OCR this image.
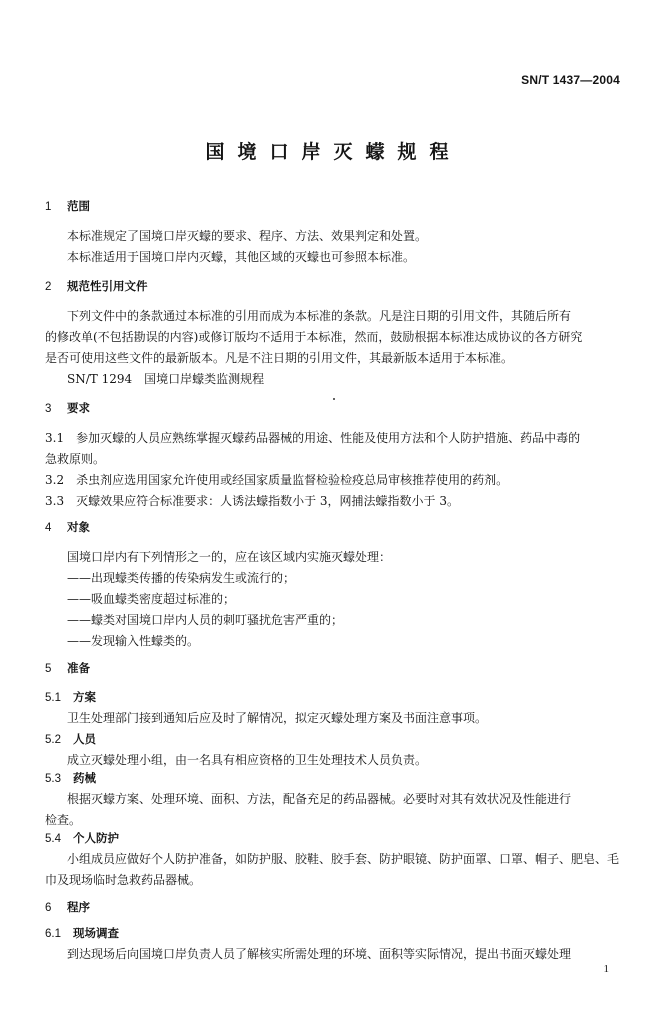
SN/T 1437—2004
国境口岸灭蠓规程
1 范围
本标准规定了国境口岸灭蠓的要求、程序、方法、效果判定和处置。
本标准适用于国境口岸内灭蠓，其他区域的灭蠓也可参照本标准。
2 规范性引用文件
下列文件中的条款通过本标准的引用而成为本标准的条款。凡是注日期的引用文件，其随后所有
的修改单(不包括勘误的内容)或修订版均不适用于本标准，然而，鼓励根据本标准达成协议的各方研究
是否可使用这些文件的最新版本。凡是不注日期的引用文件，其最新版本适用于本标准。
SN/T 1294　国境口岸蠓类监测规程
3 要求
3.1　参加灭蠓的人员应熟练掌握灭蠓药品器械的用途、性能及使用方法和个人防护措施、药品中毒的
急救原则。
3.2　杀虫剂应选用国家允许使用或经国家质量监督检验检疫总局审核推荐使用的药剂。
3.3　灭蠓效果应符合标准要求：人诱法蠓指数小于 3，网捕法蠓指数小于 3。
4 对象
国境口岸内有下列情形之一的，应在该区域内实施灭蠓处理：
——出现蠓类传播的传染病发生或流行的；
——吸血蠓类密度超过标准的；
——蠓类对国境口岸内人员的刺叮骚扰危害严重的；
——发现输入性蠓类的。
5 准备
5.1 方案
卫生处理部门接到通知后应及时了解情况，拟定灭蠓处理方案及书面注意事项。
5.2 人员
成立灭蠓处理小组，由一名具有相应资格的卫生处理技术人员负责。
5.3 药械
根据灭蠓方案、处理环境、面积、方法，配备充足的药品器械。必要时对其有效状况及性能进行
检查。
5.4 个人防护
小组成员应做好个人防护准备，如防护服、胶鞋、胶手套、防护眼镜、防护面罩、口罩、帽子、肥皂、毛
巾及现场临时急救药品器械。
6 程序
6.1 现场调查
到达现场后向国境口岸负责人员了解核实所需处理的环境、面积等实际情况，提出书面灭蠓处理
1
